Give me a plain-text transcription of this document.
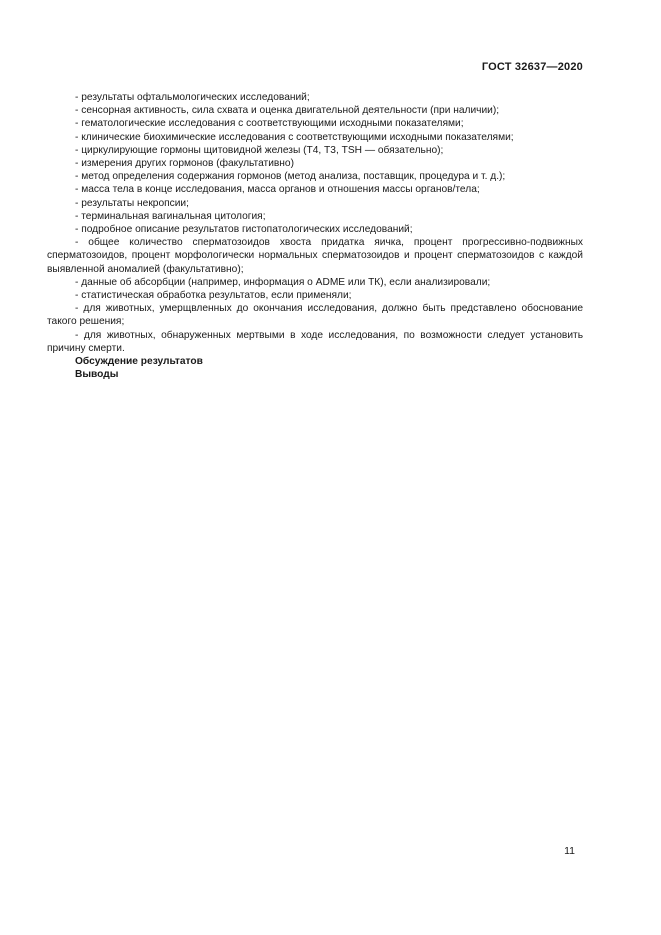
ГОСТ 32637—2020
- результаты офтальмологических исследований;
- сенсорная активность, сила схвата и оценка двигательной деятельности (при наличии);
- гематологические исследования с соответствующими исходными показателями;
- клинические биохимические исследования с соответствующими исходными показателями;
- циркулирующие гормоны щитовидной железы (Т4, Т3, TSH — обязательно);
- измерения других гормонов (факультативно)
- метод определения содержания гормонов (метод анализа, поставщик, процедура и т. д.);
- масса тела в конце исследования, масса органов и отношения массы органов/тела;
- результаты некропсии;
- терминальная вагинальная цитология;
- подробное описание результатов гистопатологических исследований;
- общее количество сперматозоидов хвоста придатка яичка, процент прогрессивно-подвижных сперматозоидов, процент морфологически нормальных сперматозоидов и процент сперматозоидов с каждой выявленной аномалией (факультативно);
- данные об абсорбции (например, информация о ADME или ТК), если анализировали;
- статистическая обработка результатов, если применяли;
- для животных, умерщвленных до окончания исследования, должно быть представлено обоснование такого решения;
- для животных, обнаруженных мертвыми в ходе исследования, по возможности следует установить причину смерти.
Обсуждение результатов
Выводы
11
